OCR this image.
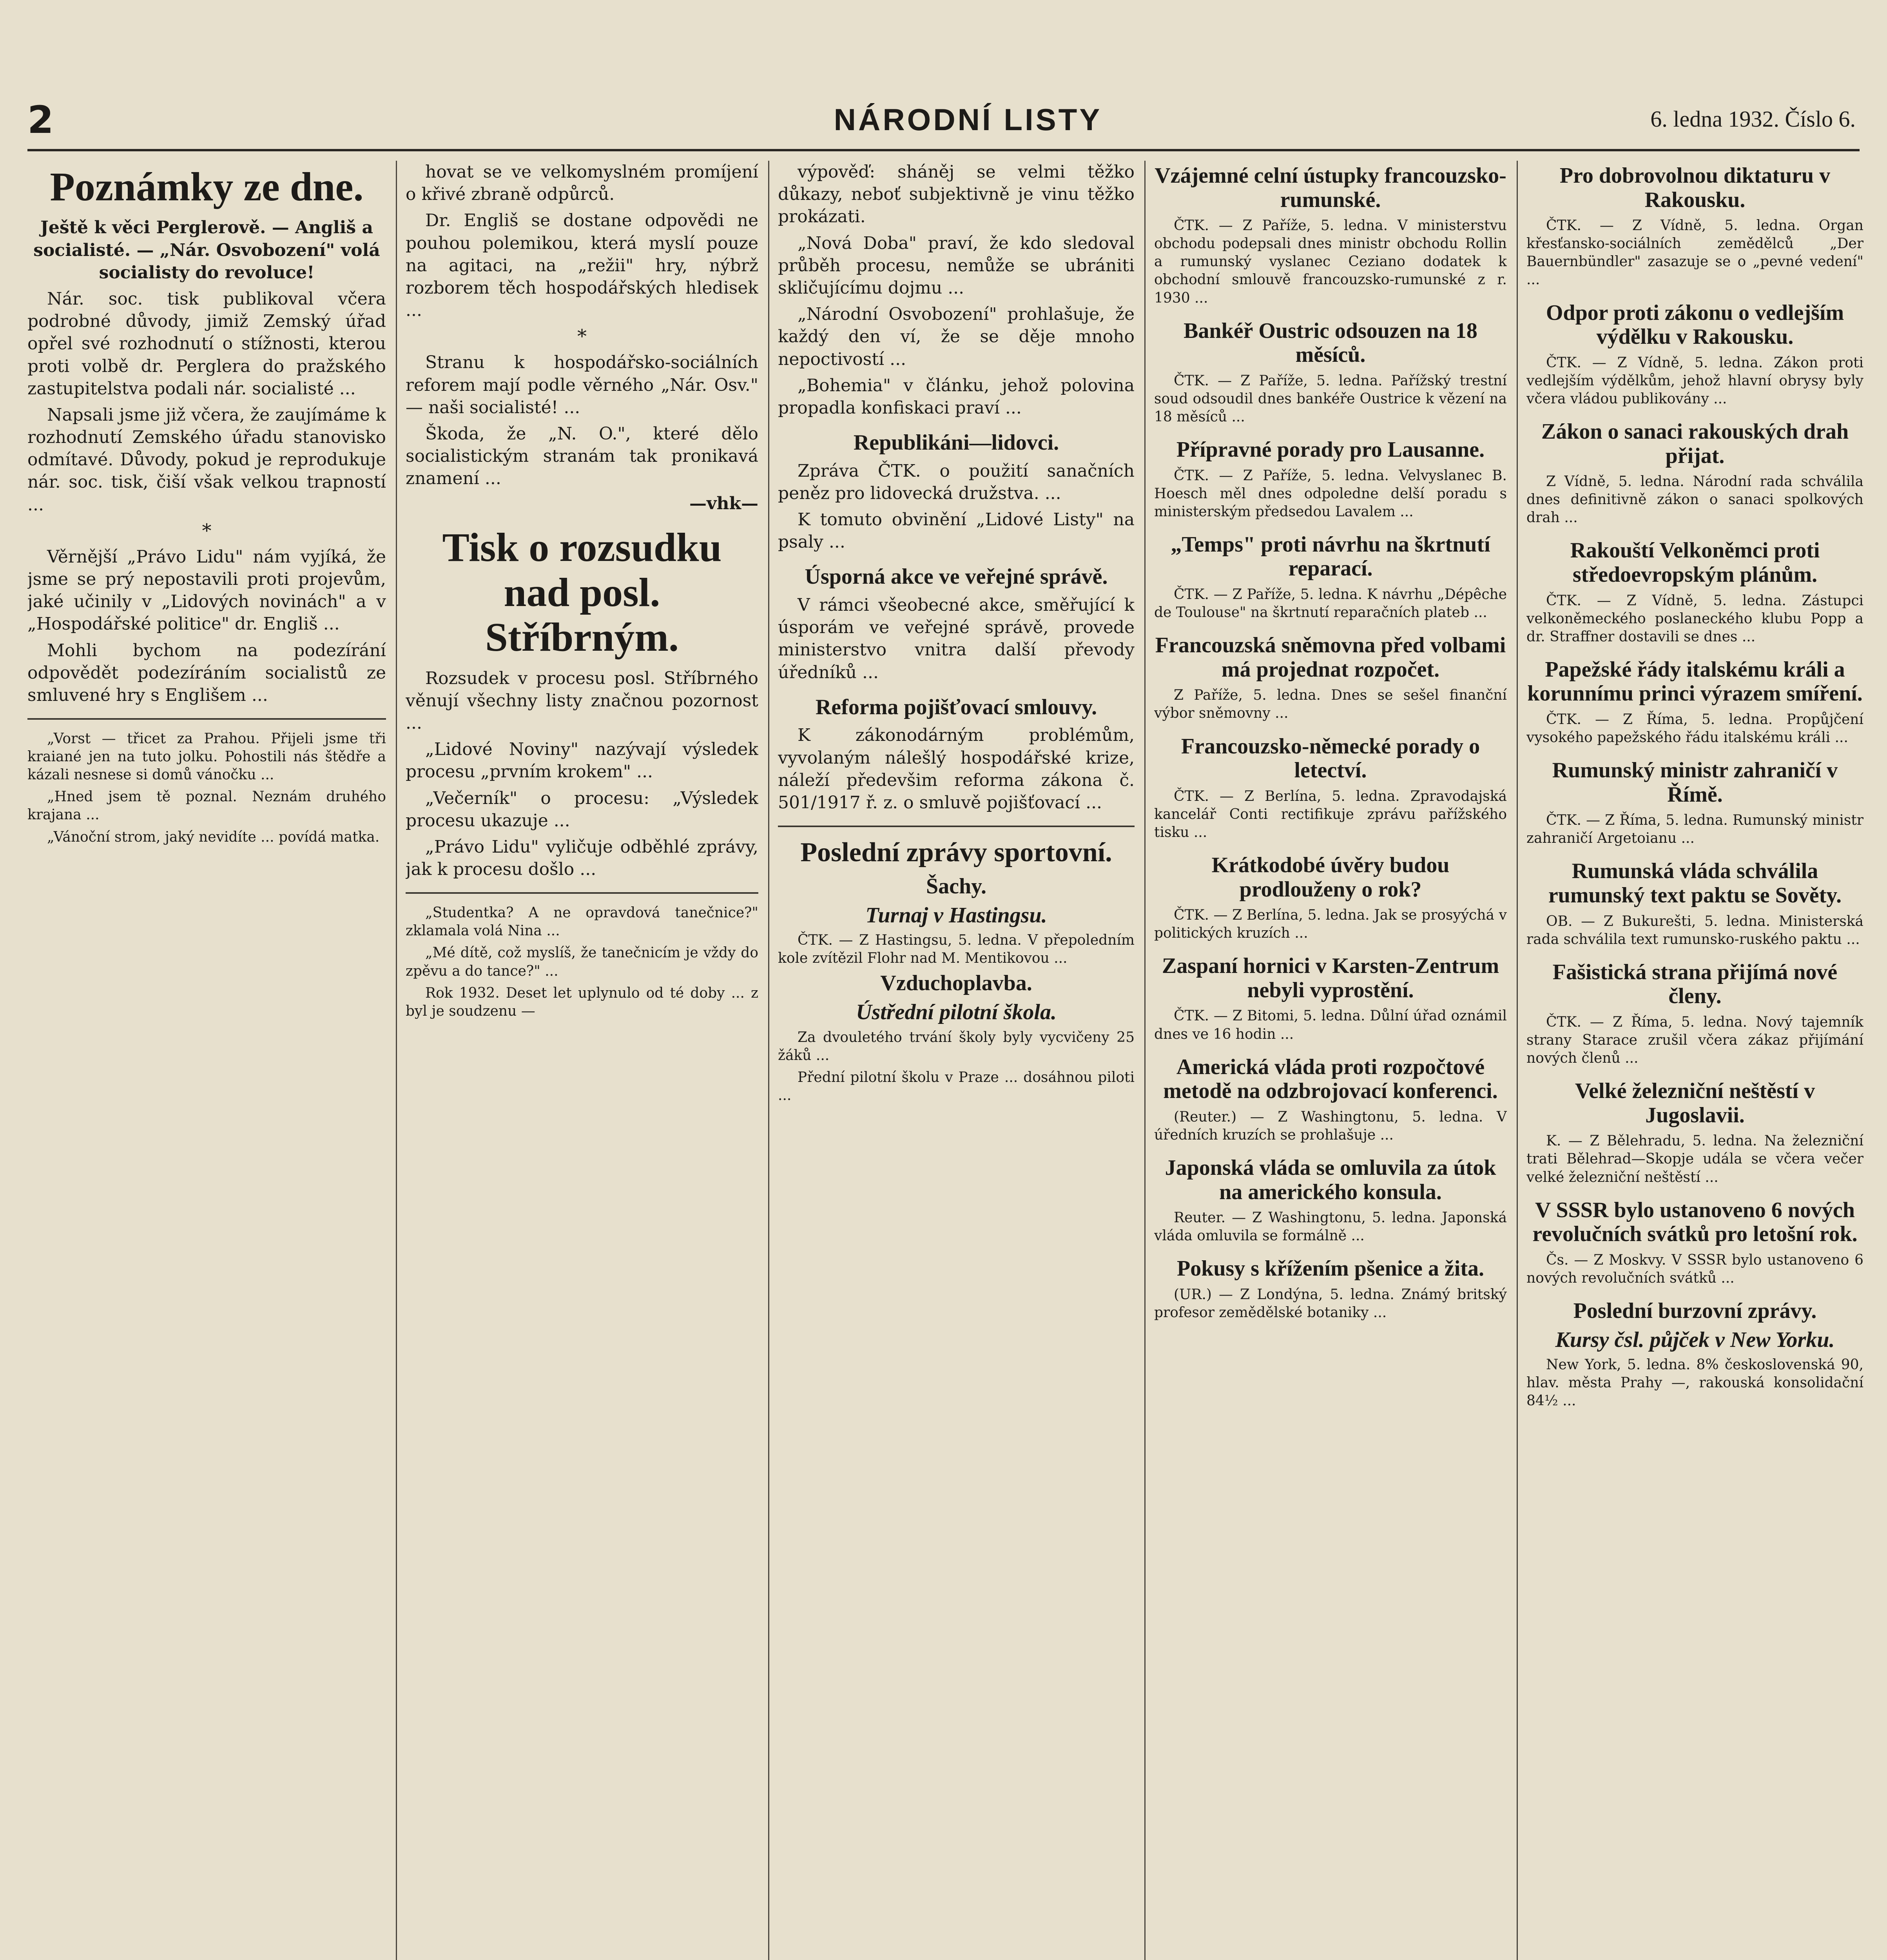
2	NÁRODNÍ LISTY	6. ledna 1932. Číslo 6.
Poznámky ze dne.

Ještě k věci Perglerově. — Angliš a socialisté. — „Nár. Osvobození" volá socialisty do revoluce!

Nár. soc. tisk publikoval včera podrobné důvody, jimiž Zemský úřad opřel své rozhodnutí o stížnosti, kterou proti volbě dr. Perglera do pražského zastupitelstva podali nár. socialisté ...

Napsali jsme již včera, že zaujímáme k rozhodnutí Zemského úřadu stanovisko odmítavé. Důvody, pokud je reprodukuje nár. soc. tisk, čiší však velkou trapností ...

*

Věrnější „Právo Lidu" nám vyjíká, že jsme se prý nepostavili proti projevům, jaké učinily v „Lidových novinách" a v „Hospodářské politice" dr. Engliš ...

Mohli bychom na podezírání odpovědět podezíráním socialistů ze smluvené hry s Englišem ...

„Vorst — třicet za Prahou. Přijeli jsme tři kraiané jen na tuto jolku. Pohostili nás štědře a kázali nesnese si domů vánočku ...

„Hned jsem tě poznal. Neznám druhého krajana ...

„Vánoční strom, jaký nevidíte ... povídá matka.

hovat se ve velkomyslném promíjení o křivé zbraně odpůrců.

Dr. Engliš se dostane odpovědi ne pouhou polemikou, která myslí pouze na agitaci, na „režii" hry, nýbrž rozborem těch hospodářských hledisek ...

*

Stranu k hospodářsko-sociálních reforem mají podle věrného „Nár. Osv." — naši socialisté! ...

Škoda, že „N. O.", které dělo socialistickým stranám tak pronikavá znamení ...

—vhk—
Tisk o rozsudku nad posl. Stříbrným.

Rozsudek v procesu posl. Stříbrného věnují všechny listy značnou pozornost ...

„Lidové Noviny" nazývají výsledek procesu „prvním krokem" ...

„Večerník" o procesu: „Výsledek procesu ukazuje ...

„Právo Lidu" vyličuje odběhlé zprávy, jak k procesu došlo ...

„Studentka? A ne opravdová tanečnice?" zklamala volá Nina ...

„Mé dítě, což myslíš, že tanečnicím je vždy do zpěvu a do tance?" ...

Rok 1932. Deset let uplynulo od té doby ... z byl je soudzenu —

výpověď: sháněj se velmi těžko důkazy, neboť subjektivně je vinu těžko prokázati.

„Nová Doba" praví, že kdo sledoval průběh procesu, nemůže se ubrániti skličujícímu dojmu ...

„Národní Osvobození" prohlašuje, že každý den ví, že se děje mnoho nepoctivostí ...

„Bohemia" v článku, jehož polovina propadla konfiskaci praví ...

Republikáni—lidovci.

Zpráva ČTK. o použití sanačních peněz pro lidovecká družstva. ...

K tomuto obvinění „Lidové Listy" na psaly ...

Úsporná akce ve veřejné správě.

V rámci všeobecné akce, směřující k úsporám ve veřejné správě, provede ministerstvo vnitra další převody úředníků ...

Reforma pojišťovací smlouvy.

K zákonodárným problémům, vyvolaným nálešlý hospodářské krize, náleží předevšim reforma zákona č. 501/1917 ř. z. o smluvě pojišťovací ...

Poslední zprávy sportovní.
Šachy.
Turnaj v Hastingsu.

ČTK. — Z Hastingsu, 5. ledna. V přepoledním kole zvítězil Flohr nad M. Mentikovou ...

Vzduchoplavba.
Ústřední pilotní škola.

Za dvouletého trvání školy byly vycvičeny 25 žáků ...

Přední pilotní školu v Praze ... dosáhnou piloti ...

Vzájemné celní ústupky francouzsko-rumunské.

ČTK. — Z Paříže, 5. ledna. V ministerstvu obchodu podepsali dnes ministr obchodu Rollin a rumunský vyslanec Ceziano dodatek k obchodní smlouvě francouzsko-rumunské z r. 1930 ...

Bankéř Oustric odsouzen na 18 měsíců.

ČTK. — Z Paříže, 5. ledna. Pařížský trestní soud odsoudil dnes bankéře Oustrice k vězení na 18 měsíců ...

Přípravné porady pro Lausanne.

ČTK. — Z Paříže, 5. ledna. Velvyslanec B. Hoesch měl dnes odpoledne delší poradu s ministerským předsedou Lavalem ...

„Temps" proti návrhu na škrtnutí reparací.

ČTK. — Z Paříže, 5. ledna. K návrhu „Dépêche de Toulouse" na škrtnutí reparačních plateb ...

Francouzská sněmovna před volbami má projednat rozpočet.

Z Paříže, 5. ledna. Dnes se sešel finanční výbor sněmovny ...

Francouzsko-německé porady o letectví.

ČTK. — Z Berlína, 5. ledna. Zpravodajská kancelář Conti rectifikuje zprávu pařížského tisku ...

Krátkodobé úvěry budou prodlouženy o rok?

ČTK. — Z Berlína, 5. ledna. Jak se prosyýchá v politických kruzích ...

Zaspaní hornici v Karsten-Zentrum nebyli vyprostění.

ČTK. — Z Bitomi, 5. ledna. Důlní úřad oznámil dnes ve 16 hodin ...

Americká vláda proti rozpočtové metodě na odzbrojovací konferenci.

(Reuter.) — Z Washingtonu, 5. ledna. V úředních kruzích se prohlašuje ...

Japonská vláda se omluvila za útok na amerického konsula.

Reuter. — Z Washingtonu, 5. ledna. Japonská vláda omluvila se formálně ...

Pokusy s křížením pšenice a žita.

(UR.) — Z Londýna, 5. ledna. Známý britský profesor zemědělské botaniky ...

Pro dobrovolnou diktaturu v Rakousku.

ČTK. — Z Vídně, 5. ledna. Organ křesťansko-sociálních zemědělců „Der Bauernbündler" zasazuje se o „pevné vedení" ...

Odpor proti zákonu o vedlejším výdělku v Rakousku.

ČTK. — Z Vídně, 5. ledna. Zákon proti vedlejším výdělkům, jehož hlavní obrysy byly včera vládou publikovány ...

Zákon o sanaci rakouských drah přijat.

Z Vídně, 5. ledna. Národní rada schválila dnes definitivně zákon o sanaci spolkových drah ...

Rakouští Velkoněmci proti středoevropským plánům.

ČTK. — Z Vídně, 5. ledna. Zástupci velkoněmeckého poslaneckého klubu Popp a dr. Straffner dostavili se dnes ...

Papežské řády italskému králi a korunnímu princi výrazem smíření.

ČTK. — Z Říma, 5. ledna. Propůjčení vysokého papežského řádu italskému králi ...

Rumunský ministr zahraničí v Římě.

ČTK. — Z Říma, 5. ledna. Rumunský ministr zahraničí Argetoianu ...

Rumunská vláda schválila rumunský text paktu se Sověty.

OB. — Z Bukurešti, 5. ledna. Ministerská rada schválila text rumunsko-ruského paktu ...

Fašistická strana přijímá nové členy.

ČTK. — Z Říma, 5. ledna. Nový tajemník strany Starace zrušil včera zákaz přijímání nových členů ...

Velké železniční neštěstí v Jugoslavii.

K. — Z Bělehradu, 5. ledna. Na železniční trati Bělehrad—Skopje udála se včera večer velké železniční neštěstí ...

V SSSR bylo ustanoveno 6 nových revolučních svátků pro letošní rok.

Čs. — Z Moskvy. V SSSR bylo ustanoveno 6 nových revolučních svátků ...

Poslední burzovní zprávy.
Kursy čsl. půjček v New Yorku.

New York, 5. ledna. 8% československá 90, hlav. města Prahy —, rakouská konsolidační 84½ ...
